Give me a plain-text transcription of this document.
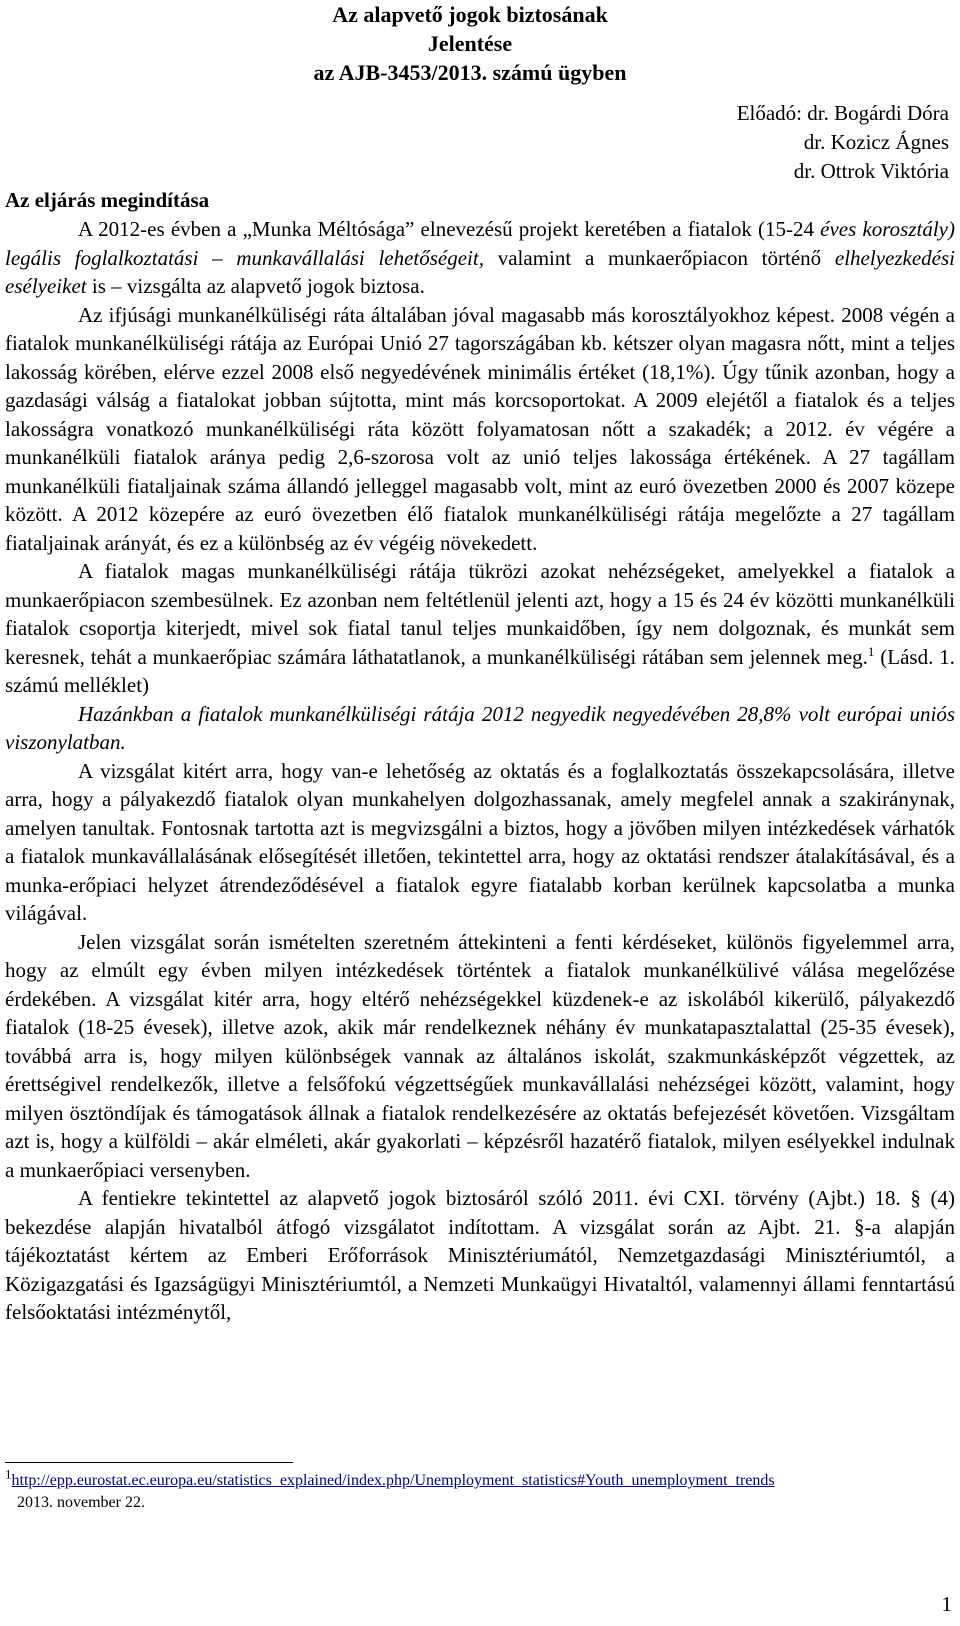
Az alapvető jogok biztosának
Jelentése
az AJB-3453/2013. számú ügyben
Előadó: dr. Bogárdi Dóra
dr. Kozicz Ágnes
dr. Ottrok Viktória
Az eljárás megindítása

A 2012-es évben a „Munka Méltósága” elnevezésű projekt keretében a fiatalok (15-24 éves korosztály) legális foglalkoztatási – munkavállalási lehetőségeit, valamint a munkaerőpiacon történő elhelyezkedési esélyeiket is – vizsgálta az alapvető jogok biztosa.

Az ifjúsági munkanélküliségi ráta általában jóval magasabb más korosztályokhoz képest. 2008 végén a fiatalok munkanélküliségi rátája az Európai Unió 27 tagországában kb. kétszer olyan magasra nőtt, mint a teljes lakosság körében, elérve ezzel 2008 első negyedévének minimális értéket (18,1%). Úgy tűnik azonban, hogy a gazdasági válság a fiatalokat jobban sújtotta, mint más korcsoportokat. A 2009 elejétől a fiatalok és a teljes lakosságra vonatkozó munkanélküliségi ráta között folyamatosan nőtt a szakadék; a 2012. év végére a munkanélküli fiatalok aránya pedig 2,6-szorosa volt az unió teljes lakossága értékének. A 27 tagállam munkanélküli fiataljainak száma állandó jelleggel magasabb volt, mint az euró övezetben 2000 és 2007 közepe között. A 2012 közepére az euró övezetben élő fiatalok munkanélküliségi rátája megelőzte a 27 tagállam fiataljainak arányát, és ez a különbség az év végéig növekedett.

A fiatalok magas munkanélküliségi rátája tükrözi azokat nehézségeket, amelyekkel a fiatalok a munkaerőpiacon szembesülnek. Ez azonban nem feltétlenül jelenti azt, hogy a 15 és 24 év közötti munkanélküli fiatalok csoportja kiterjedt, mivel sok fiatal tanul teljes munkaidőben, így nem dolgoznak, és munkát sem keresnek, tehát a munkaerőpiac számára láthatatlanok, a munkanélküliségi rátában sem jelennek meg.$^1$ (Lásd. 1. számú melléklet)

Hazánkban a fiatalok munkanélküliségi rátája 2012 negyedik negyedévében 28,8% volt európai uniós viszonylatban.

A vizsgálat kitért arra, hogy van-e lehetőség az oktatás és a foglalkoztatás összekapcsolására, illetve arra, hogy a pályakezdő fiatalok olyan munkahelyen dolgozhassanak, amely megfelel annak a szakiránynak, amelyen tanultak. Fontosnak tartotta azt is megvizsgálni a biztos, hogy a jövőben milyen intézkedések várhatók a fiatalok munkavállalásának elősegítését illetően, tekintettel arra, hogy az oktatási rendszer átalakításával, és a munka-erőpiaci helyzet átrendeződésével a fiatalok egyre fiatalabb korban kerülnek kapcsolatba a munka világával.

Jelen vizsgálat során ismételten szeretném áttekinteni a fenti kérdéseket, különös figyelemmel arra, hogy az elmúlt egy évben milyen intézkedések történtek a fiatalok munkanélkülivé válása megelőzése érdekében. A vizsgálat kitér arra, hogy eltérő nehézségekkel küzdenek-e az iskolából kikerülő, pályakezdő fiatalok (18-25 évesek), illetve azok, akik már rendelkeznek néhány év munkatapasztalattal (25-35 évesek), továbbá arra is, hogy milyen különbségek vannak az általános iskolát, szakmunkásképzőt végzettek, az érettségivel rendelkezők, illetve a felsőfokú végzettségűek munkavállalási nehézségei között, valamint, hogy milyen ösztöndíjak és támogatások állnak a fiatalok rendelkezésére az oktatás befejezését követően. Vizsgáltam azt is, hogy a külföldi – akár elméleti, akár gyakorlati – képzésről hazatérő fiatalok, milyen esélyekkel indulnak a munkaerőpiaci versenyben.

A fentiekre tekintettel az alapvető jogok biztosáról szóló 2011. évi CXI. törvény (Ajbt.) 18. § (4) bekezdése alapján hivatalból átfogó vizsgálatot indítottam. A vizsgálat során az Ajbt. 21. §-a alapján tájékoztatást kértem az Emberi Erőforrások Minisztériumától, Nemzetgazdasági Minisztériumtól, a Közigazgatási és Igazságügyi Minisztériumtól, a Nemzeti Munkaügyi Hivataltól, valamennyi állami fenntartású felsőoktatási intézménytől,

$^1$http://epp.eurostat.ec.europa.eu/statistics_explained/index.php/Unemployment_statistics#Youth_unemployment_trends
2013. november 22.
1
